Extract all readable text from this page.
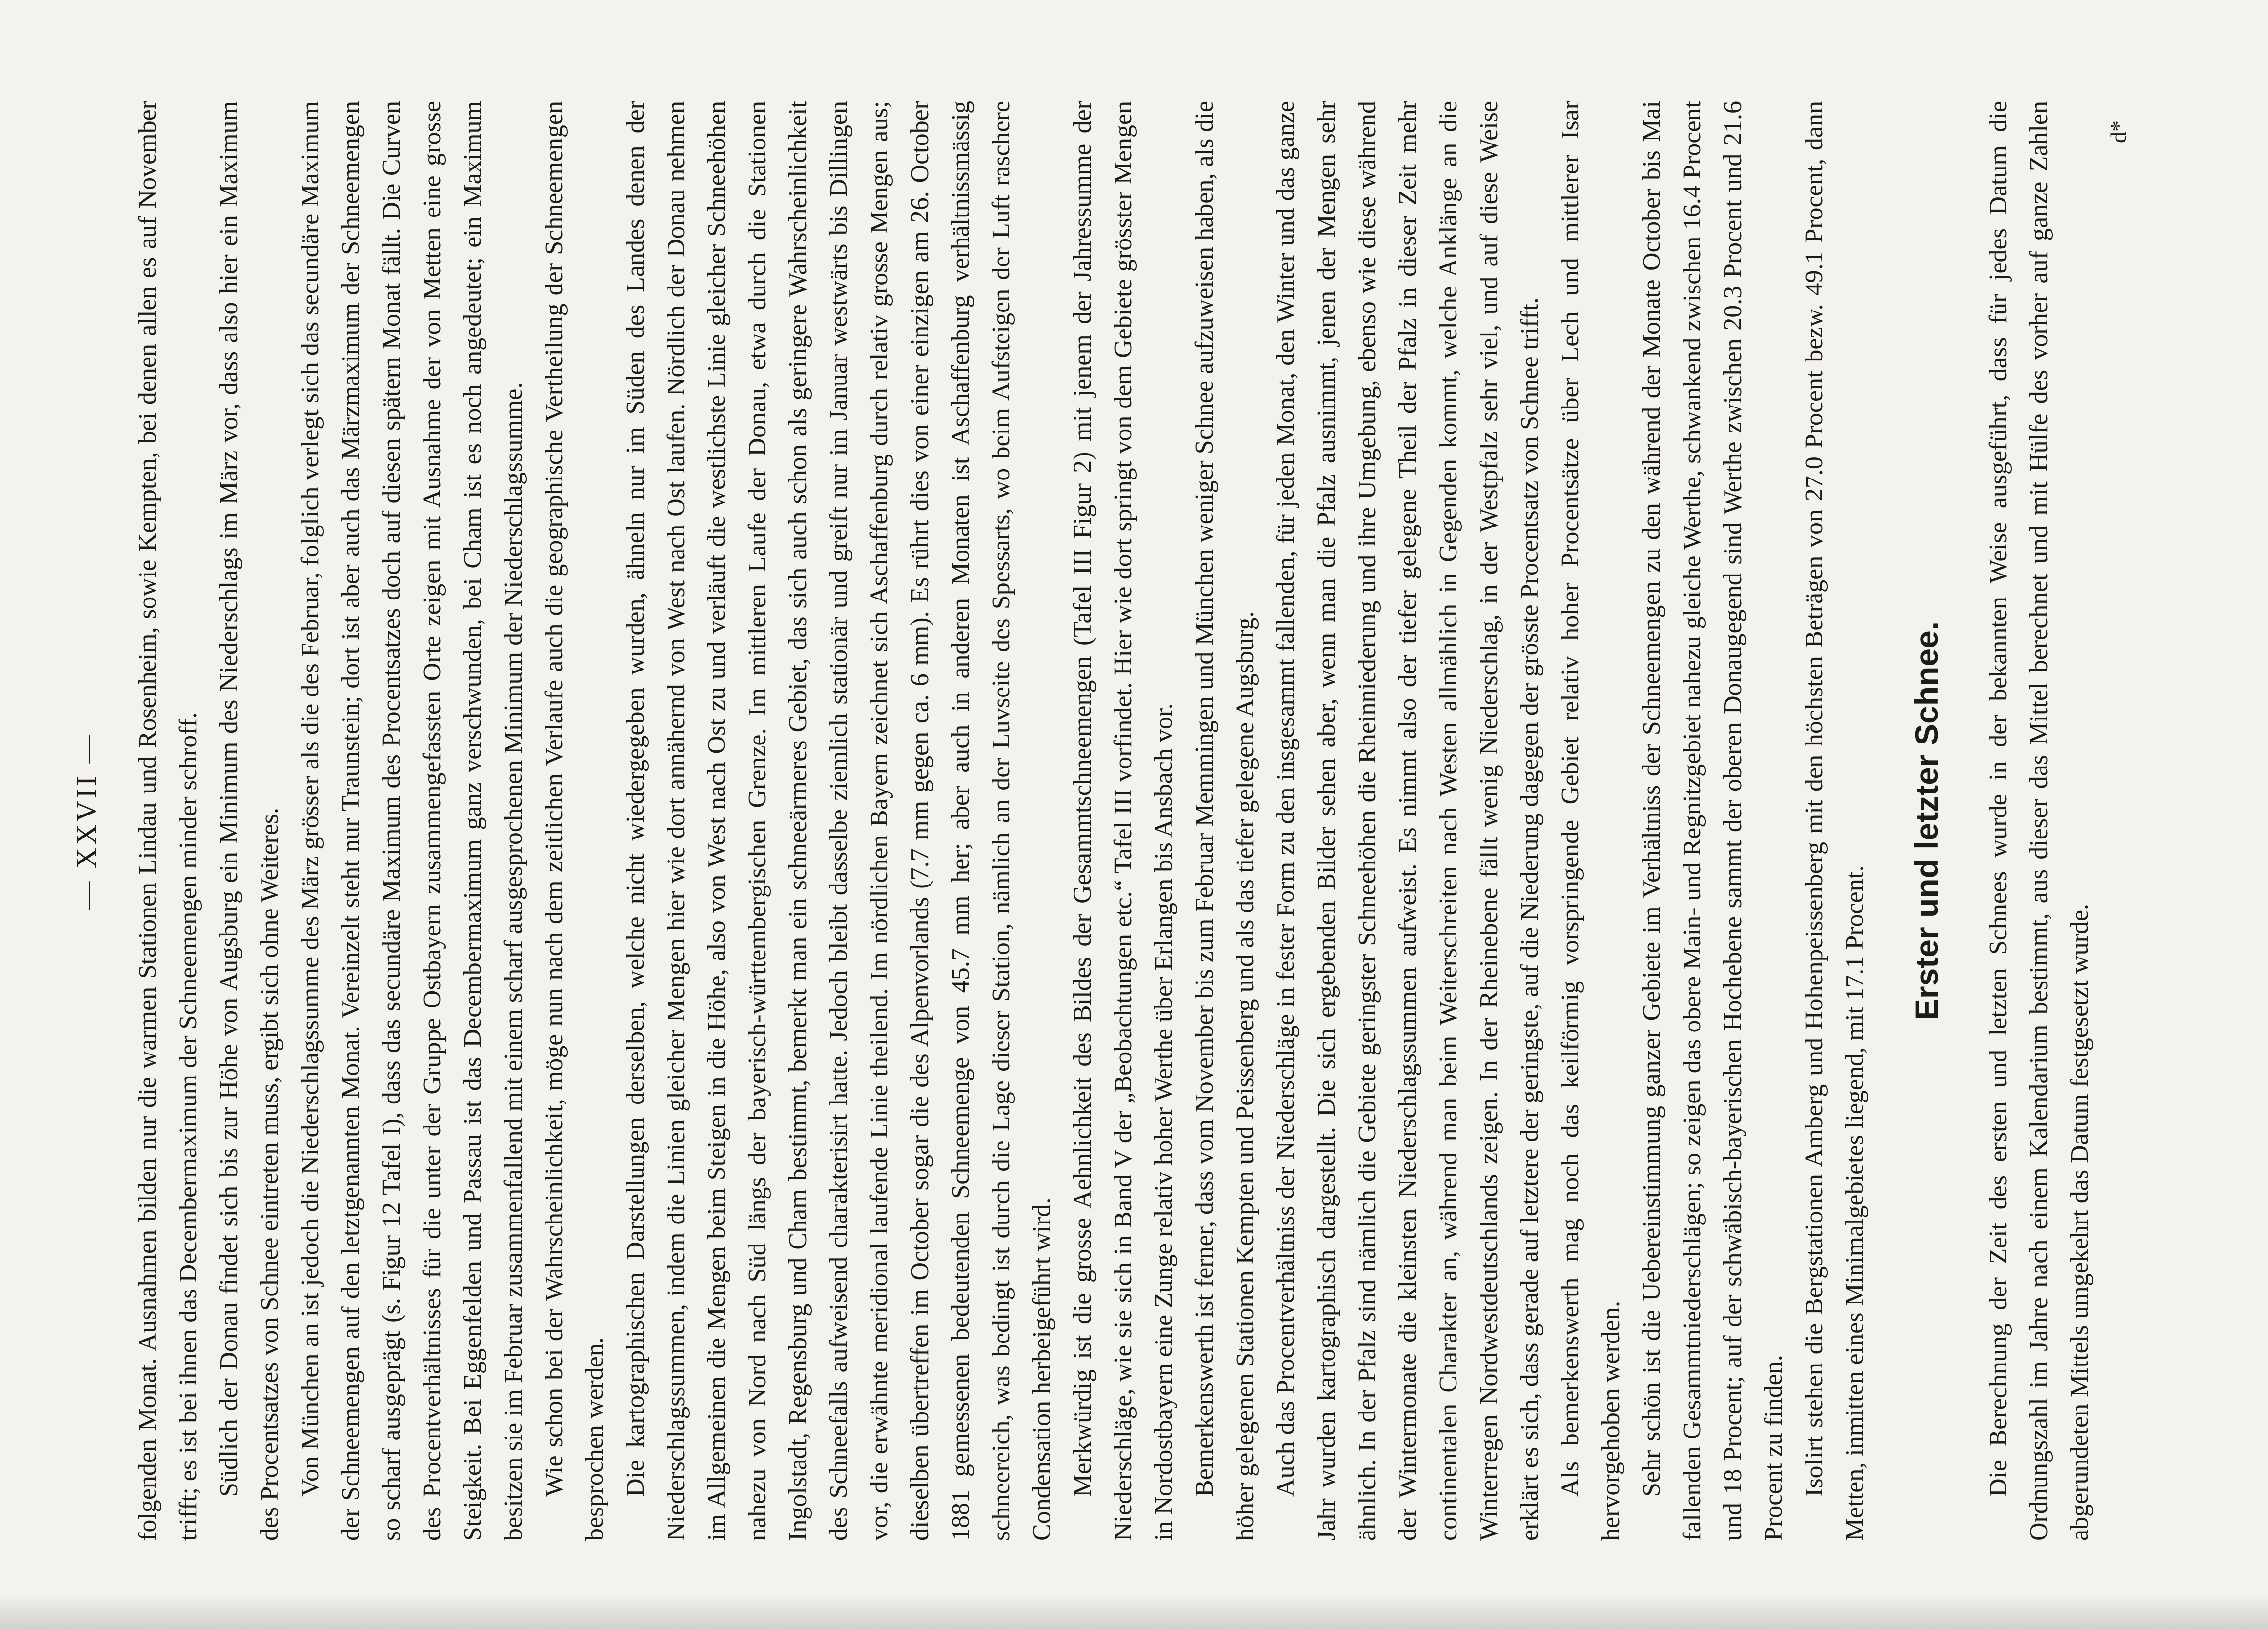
— XXVII — folgenden Monat. Ausnahmen bilden nur die warmen Stationen Lindau und Rosenheim, sowie Kempten, bei denen allen es auf November trifft; es ist bei ihnen das Decembermaximum der Schneemengen minder schroff. Südlich der Donau findet sich bis zur Höhe von Augsburg ein Minimum des Niederschlags im März vor, dass also hier ein Maximum des Procentsatzes von Schnee eintreten muss, ergibt sich ohne Weiteres. Von München an ist jedoch die Niederschlagssumme des März grösser als die des Februar, folglich verlegt sich das secundäre Maximum der Schneemengen auf den letztgenannten Monat. Vereinzelt steht nur Traunstein; dort ist aber auch das Märzmaximum der Schneemengen so scharf ausgeprägt (s. Figur 12 Tafel I), dass das secundäre Maximum des Procentsatzes doch auf diesen spätern Monat fällt. Die Curven des Procentverhältnisses für die unter der Gruppe Ostbayern zusammengefassten Orte zeigen mit Ausnahme der von Metten eine grosse Steigkeit. Bei Eggenfelden und Passau ist das Decembermaximum ganz verschwunden, bei Cham ist es noch angedeutet; ein Maximum besitzen sie im Februar zusammenfallend mit einem scharf ausgesprochenen Minimum der Niederschlagssumme. Wie schon bei der Wahrscheinlichkeit, möge nun nach dem zeitlichen Verlaufe auch die geographische Vertheilung der Schneemengen besprochen werden. Die kartographischen Darstellungen derselben, welche nicht wiedergegeben wurden, ähneln nur im Süden des Landes denen der Niederschlagssummen, indem die Linien gleicher Mengen hier wie dort annähernd von West nach Ost laufen. Nördlich der Donau nehmen im Allgemeinen die Mengen beim Steigen in die Höhe, also von West nach Ost zu und verläuft die westlichste Linie gleicher Schneehöhen nahezu von Nord nach Süd längs der bayerisch-württembergischen Grenze. Im mittleren Laufe der Donau, etwa durch die Stationen Ingolstadt, Regensburg und Cham bestimmt, bemerkt man ein schneeärmeres Gebiet, das sich auch schon als geringere Wahrscheinlichkeit des Schneefalls aufweisend charakterisirt hatte. Jedoch bleibt dasselbe ziemlich stationär und greift nur im Januar westwärts bis Dillingen vor, die erwähnte meridional laufende Linie theilend. Im nördlichen Bayern zeichnet sich Aschaffenburg durch relativ grosse Mengen aus; dieselben übertreffen im October sogar die des Alpenvorlands (7.7 mm gegen ca. 6 mm). Es rührt dies von einer einzigen am 26. October 1881 gemessenen bedeutenden Schneemenge von 45.7 mm her; aber auch in anderen Monaten ist Aschaffenburg verhältnissmässig schneereich, was bedingt ist durch die Lage dieser Station, nämlich an der Luvseite des Spessarts, wo beim Aufsteigen der Luft raschere Condensation herbeigeführt wird. Merkwürdig ist die grosse Aehnlichkeit des Bildes der Gesammtschneemengen (Tafel III Figur 2) mit jenem der Jahressumme der Niederschläge, wie sie sich in Band V der „Beobachtungen etc.“ Tafel III vorfindet. Hier wie dort springt von dem Gebiete grösster Mengen in Nordostbayern eine Zunge relativ hoher Werthe über Erlangen bis Ansbach vor. Bemerkenswerth ist ferner, dass vom November bis zum Februar Memmingen und München weniger Schnee aufzuweisen haben, als die höher gelegenen Stationen Kempten und Peissenberg und als das tiefer gelegene Augsburg. Auch das Procentverhältniss der Niederschläge in fester Form zu den insgesammt fallenden, für jeden Monat, den Winter und das ganze Jahr wurden kartographisch dargestellt. Die sich ergebenden Bilder sehen aber, wenn man die Pfalz ausnimmt, jenen der Mengen sehr ähnlich. In der Pfalz sind nämlich die Gebiete geringster Schneehöhen die Rheinniederung und ihre Umgebung, ebenso wie diese während der Wintermonate die kleinsten Niederschlagssummen aufweist. Es nimmt also der tiefer gelegene Theil der Pfalz in dieser Zeit mehr continentalen Charakter an, während man beim Weiterschreiten nach Westen allmählich in Gegenden kommt, welche Anklänge an die Winterregen Nordwestdeutschlands zeigen. In der Rheinebene fällt wenig Niederschlag, in der Westpfalz sehr viel, und auf diese Weise erklärt es sich, dass gerade auf letztere der geringste, auf die Niederung dagegen der grösste Procentsatz von Schnee trifft. Als bemerkenswerth mag noch das keilförmig vorspringende Gebiet relativ hoher Procentsätze über Lech und mittlerer Isar hervorgehoben werden. Sehr schön ist die Uebereinstimmung ganzer Gebiete im Verhältniss der Schneemengen zu den während der Monate October bis Mai fallenden Gesammtniederschlägen; so zeigen das obere Main- und Regnitzgebiet nahezu gleiche Werthe, schwankend zwischen 16.4 Procent und 18 Procent; auf der schwäbisch-bayerischen Hochebene sammt der oberen Donaugegend sind Werthe zwischen 20.3 Procent und 21.6 Procent zu finden. Isolirt stehen die Bergstationen Amberg und Hohenpeissenberg mit den höchsten Beträgen von 27.0 Procent bezw. 49.1 Procent, dann Metten, inmitten eines Minimalgebietes liegend, mit 17.1 Procent.

Erster und letzter Schnee. Die Berechnung der Zeit des ersten und letzten Schnees wurde in der bekannten Weise ausgeführt, dass für jedes Datum die Ordnungszahl im Jahre nach einem Kalendarium bestimmt, aus dieser das Mittel berechnet und mit Hülfe des vorher auf ganze Zahlen abgerundeten Mittels umgekehrt das Datum festgesetzt wurde.

d*
